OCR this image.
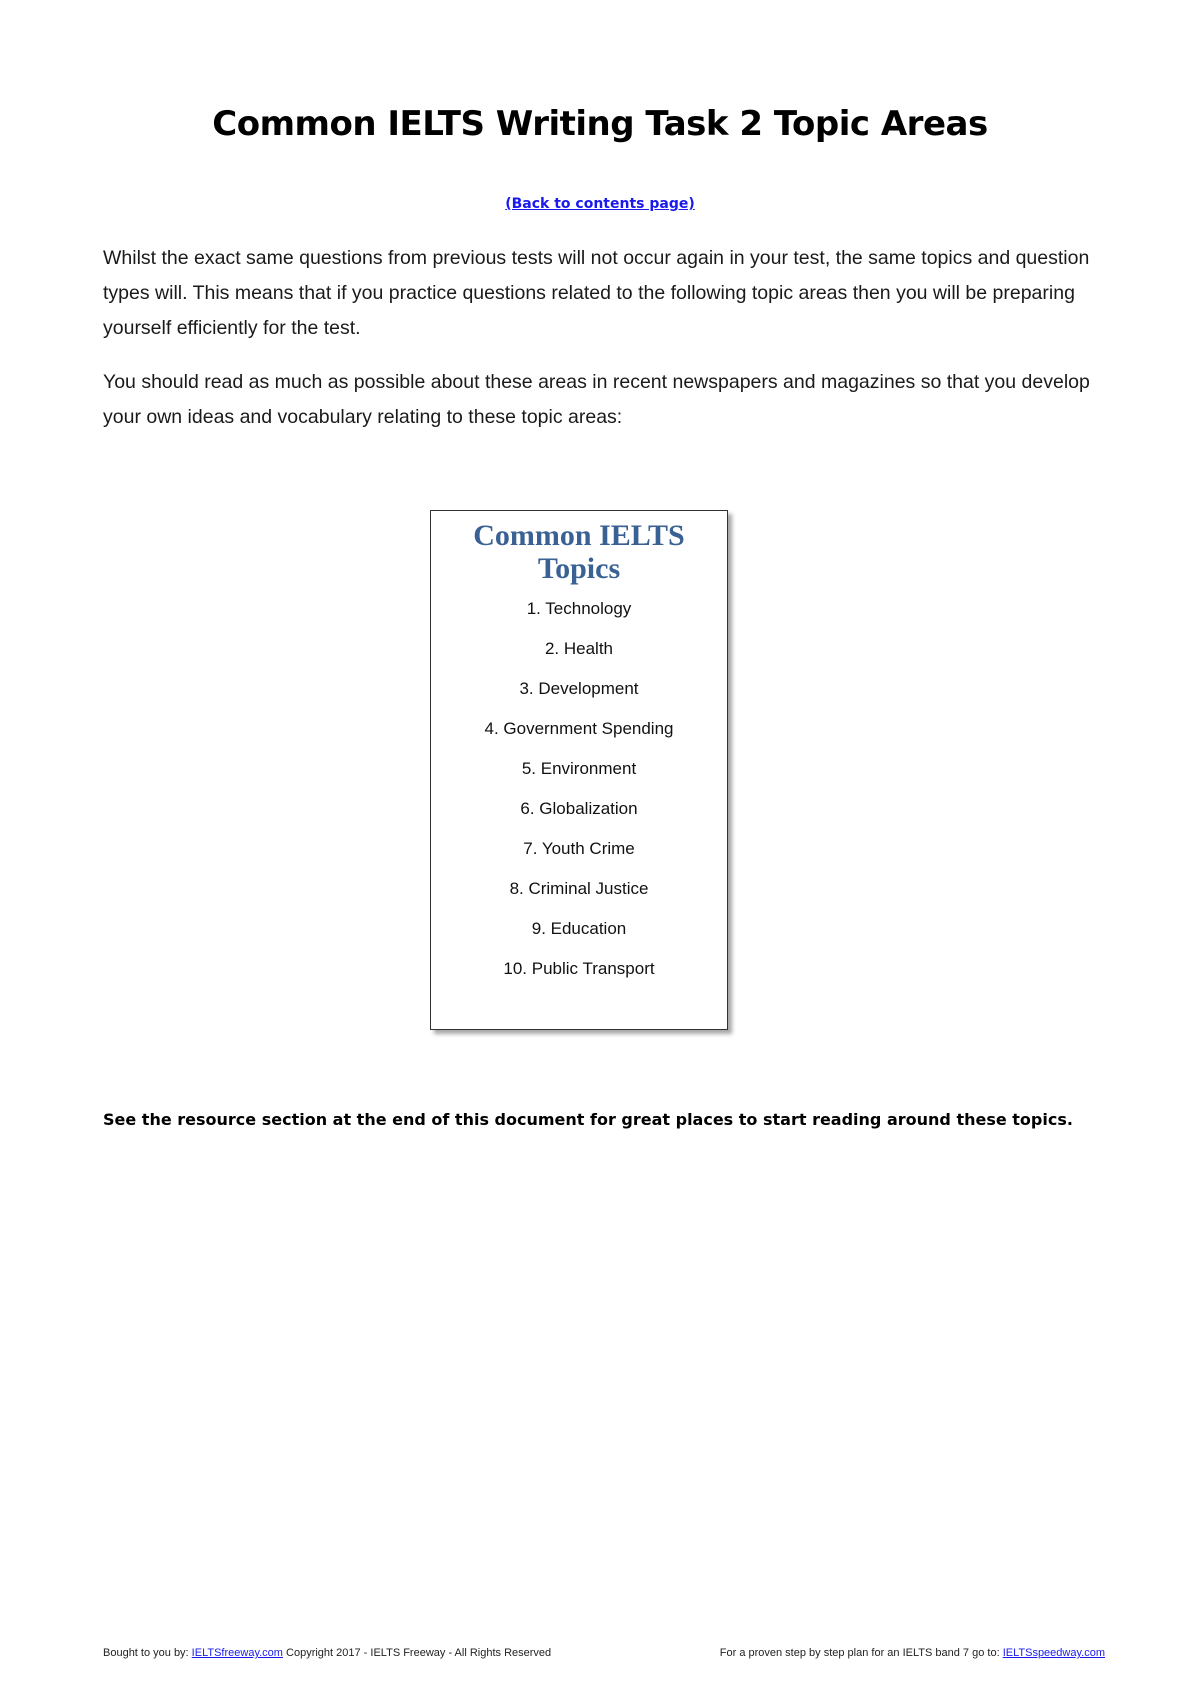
Common IELTS Writing Task 2 Topic Areas
(Back to contents page)

Whilst the exact same questions from previous tests will not occur again in your test, the same topics and question types will. This means that if you practice questions related to the following topic areas then you will be preparing yourself efficiently for the test.

You should read as much as possible about these areas in recent newspapers and magazines so that you develop your own ideas and vocabulary relating to these topic areas:

Common IELTS Topics
1. Technology
2. Health
3. Development
4. Government Spending
5. Environment
6. Globalization
7. Youth Crime
8. Criminal Justice
9. Education
10. Public Transport

See the resource section at the end of this document for great places to start reading around these topics.

Bought to you by: IELTSfreeway.com Copyright 2017 - IELTS Freeway - All Rights Reserved	For a proven step by step plan for an IELTS band 7 go to: IELTSspeedway.com
